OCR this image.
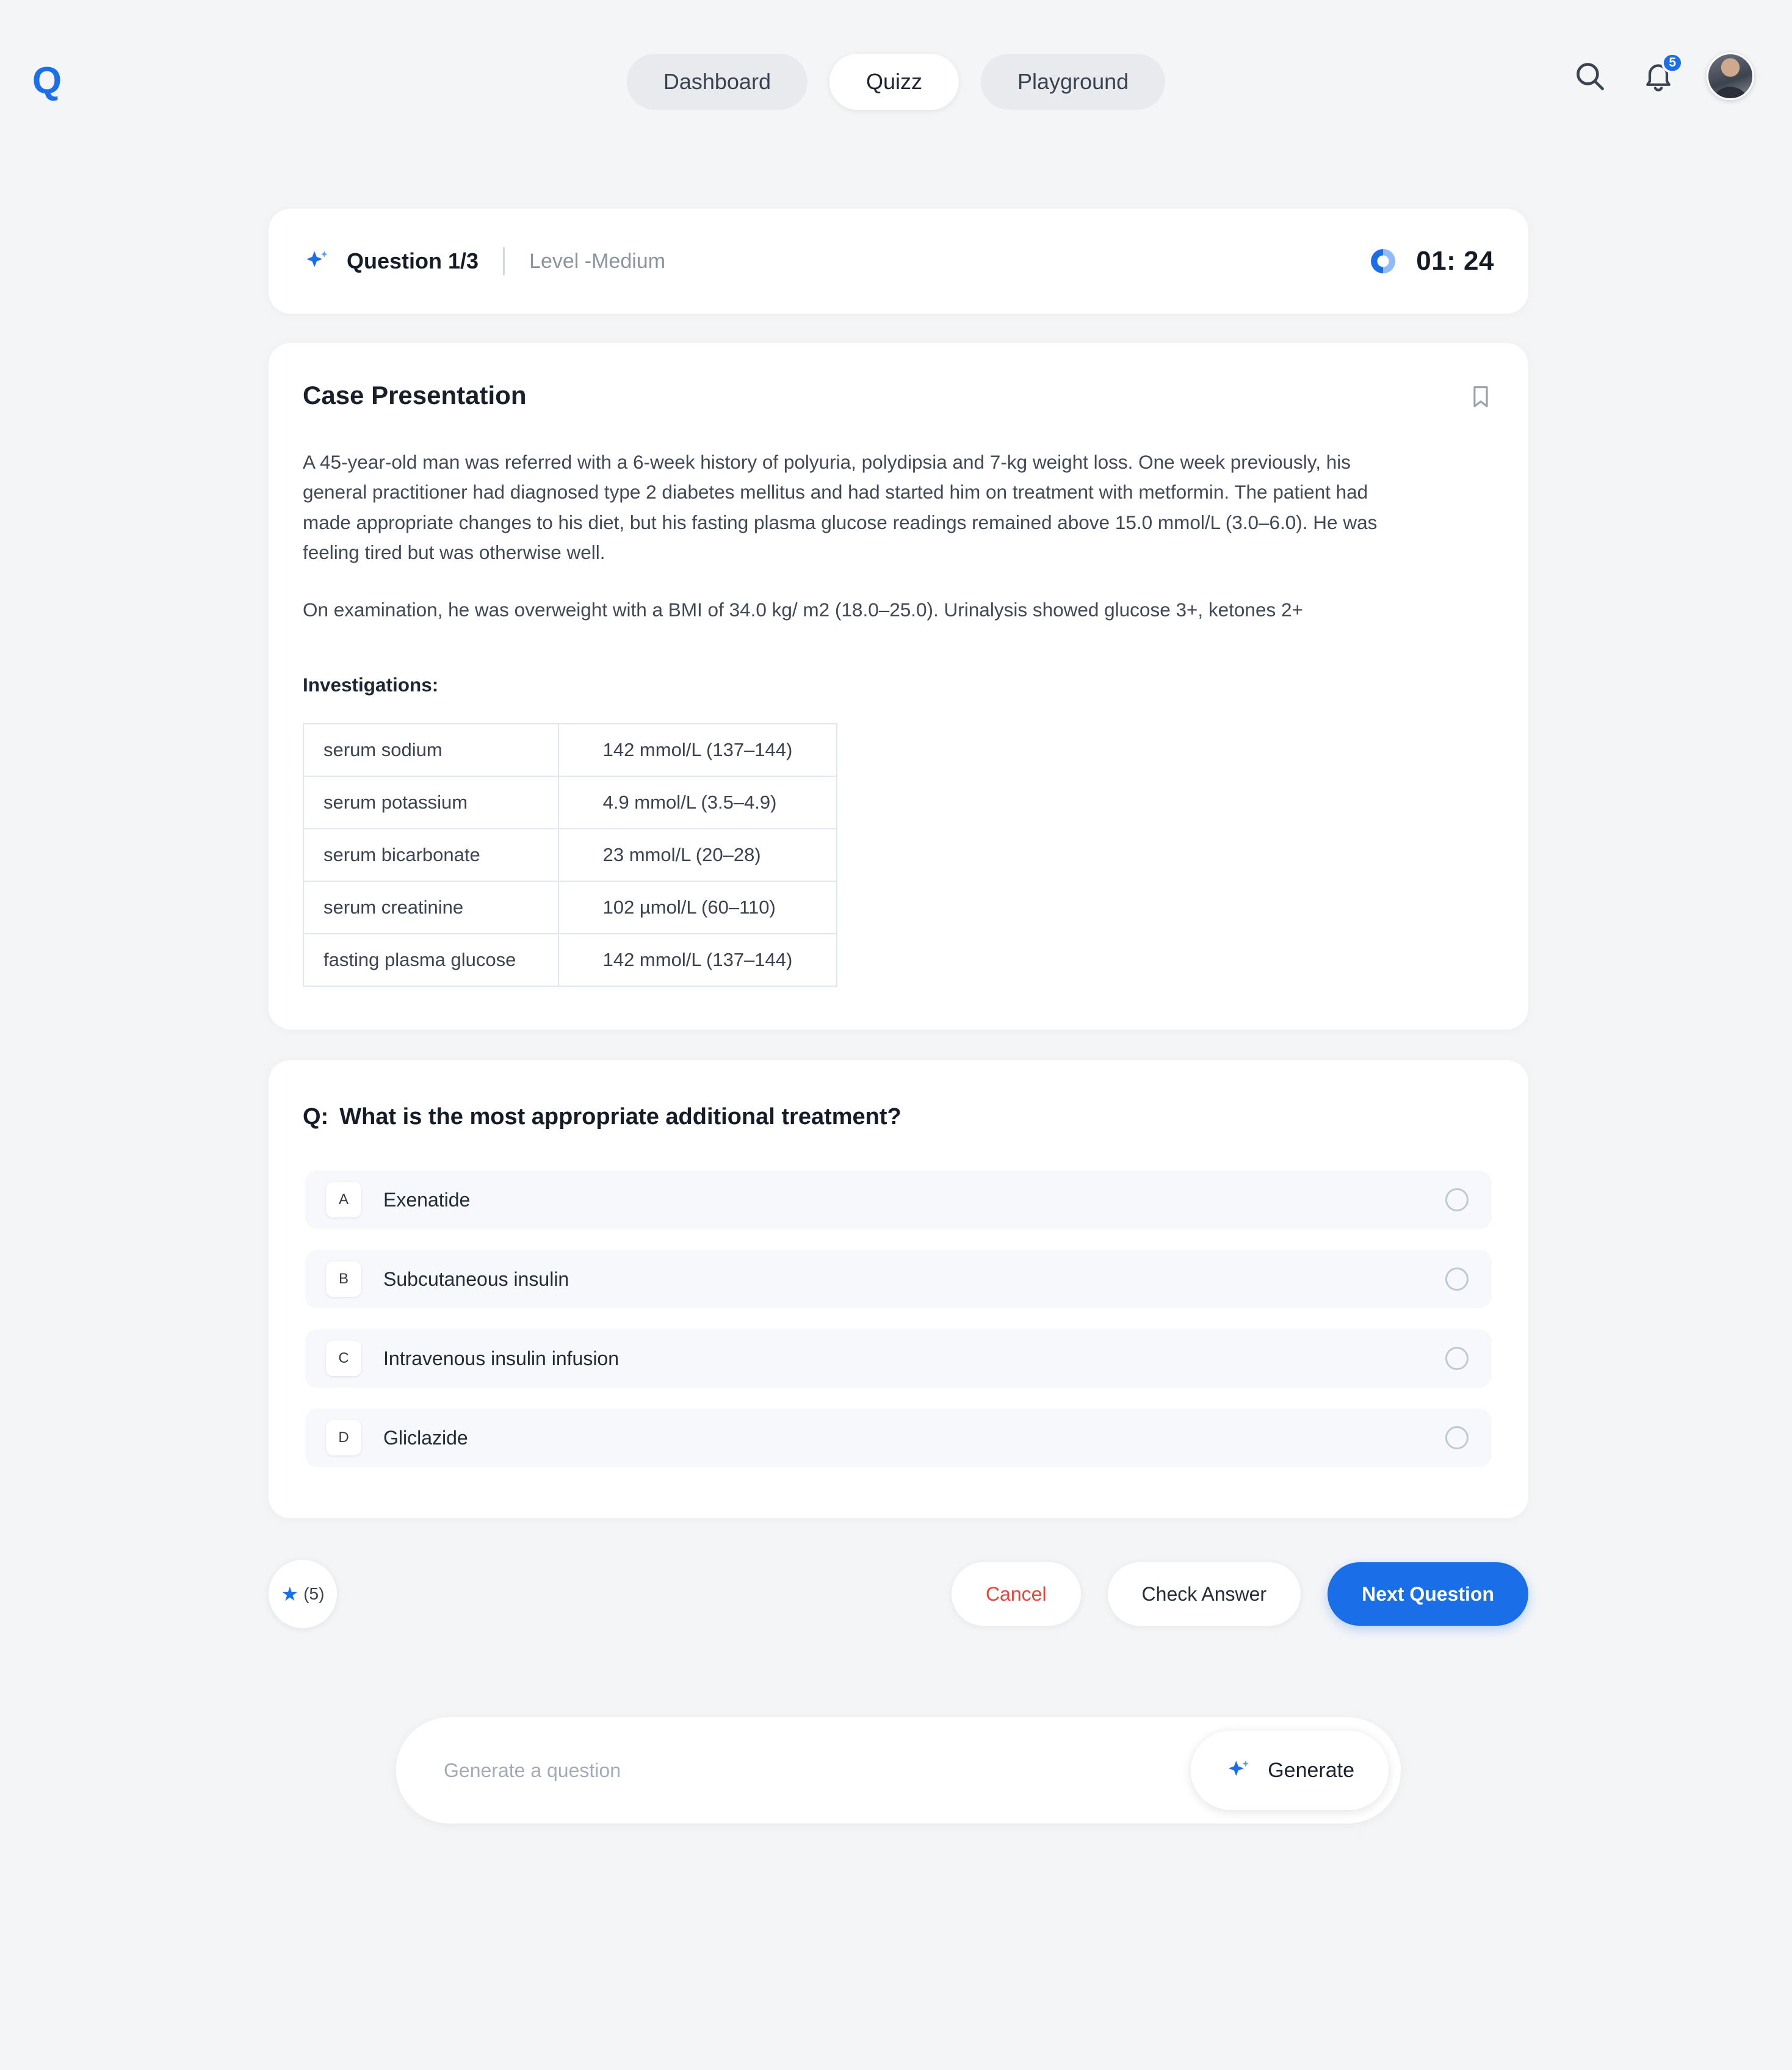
Q	Dashboard	Quizz	Playground
5
Question 1/3 Level -Medium	01: 24
Case Presentation

A 45-year-old man was referred with a 6-week history of polyuria, polydipsia and 7-kg weight loss. One week previously, his general practitioner had diagnosed type 2 diabetes mellitus and had started him on treatment with metformin. The patient had made appropriate changes to his diet, but his fasting plasma glucose readings remained above 15.0 mmol/L (3.0–6.0). He was feeling tired but was otherwise well.

On examination, he was overweight with a BMI of 34.0 kg/ m2 (18.0–25.0). Urinalysis showed glucose 3+, ketones 2+

Investigations:
serum sodium	142 mmol/L (137–144)
serum potassium	4.9 mmol/L (3.5–4.9)
serum bicarbonate	23 mmol/L (20–28)
serum creatinine	102 µmol/L (60–110)
fasting plasma glucose	142 mmol/L (137–144)
Q: What is the most appropriate additional treatment?
A	Exenatide
B	Subcutaneous insulin
C	Intravenous insulin infusion
D	Gliclazide
★ (5)	Cancel	Check Answer	Next Question
Generate a question
Generate
